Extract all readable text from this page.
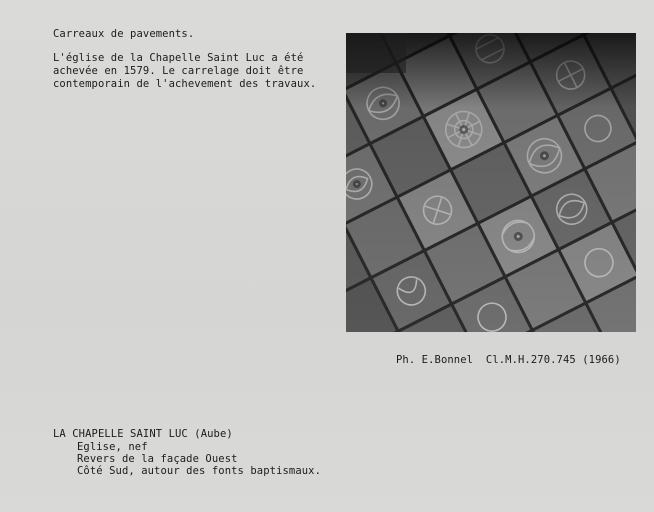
Carreaux de pavements.
L'église de la Chapelle Saint Luc a été
achevée en 1579. Le carrelage doit être
contemporain de l'achevement des travaux.
Ph. E.Bonnel  Cl.M.H.270.745 (1966)
LA CHAPELLE SAINT LUC (Aube)
Eglise, nef
Revers de la façade Ouest
Côté Sud, autour des fonts baptismaux.
